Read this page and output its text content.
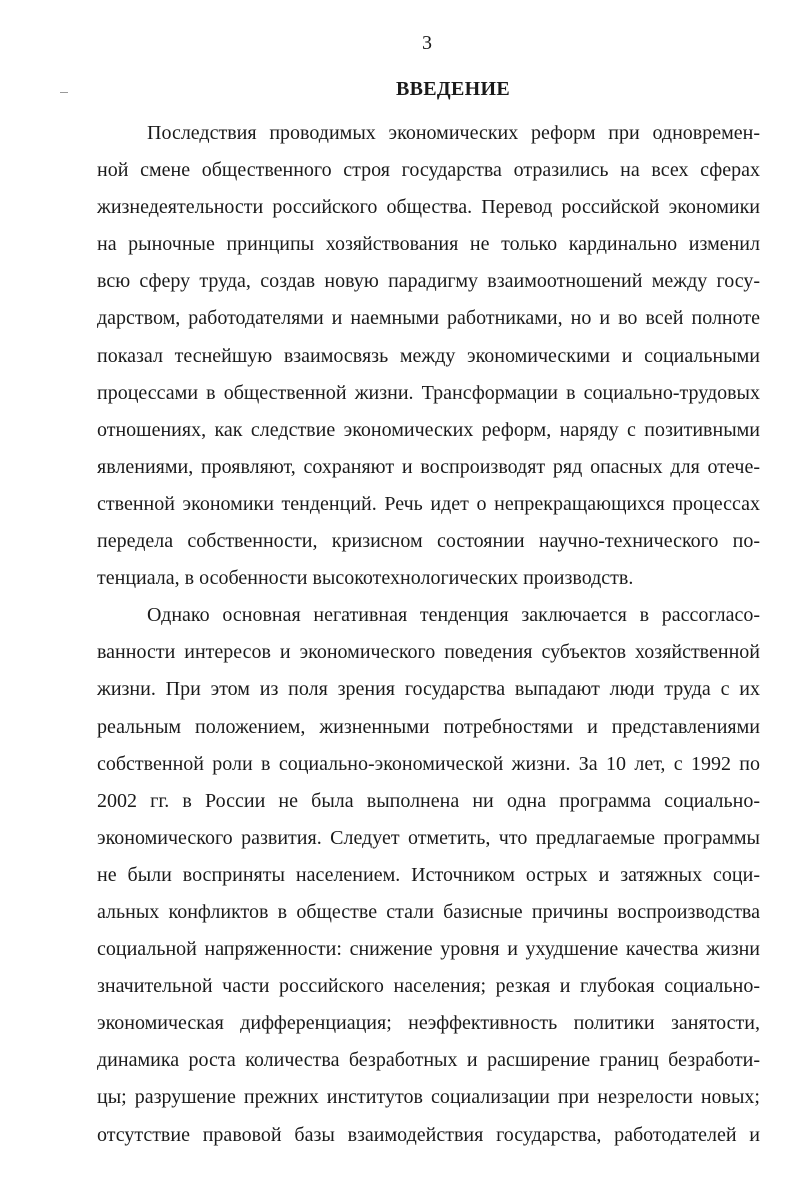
3
ВВЕДЕНИЕ
Последствия проводимых экономических реформ при одновремен-
ной смене общественного строя государства отразились на всех сферах
жизнедеятельности российского общества. Перевод российской экономики
на рыночные принципы хозяйствования не только кардинально изменил
всю сферу труда, создав новую парадигму взаимоотношений между госу-
дарством, работодателями и наемными работниками, но и во всей полноте
показал теснейшую взаимосвязь между экономическими и социальными
процессами в общественной жизни. Трансформации в социально-трудовых
отношениях, как следствие экономических реформ, наряду с позитивными
явлениями, проявляют, сохраняют и воспроизводят ряд опасных для отече-
ственной экономики тенденций. Речь идет о непрекращающихся процессах
передела собственности, кризисном состоянии научно-технического по-
тенциала, в особенности высокотехнологических производств.
Однако основная негативная тенденция заключается в рассогласо-
ванности интересов и экономического поведения субъектов хозяйственной
жизни. При этом из поля зрения государства выпадают люди труда с их
реальным положением, жизненными потребностями и представлениями
собственной роли в социально-экономической жизни. За 10 лет, с 1992 по
2002 гг. в России не была выполнена ни одна программа социально-
экономического развития. Следует отметить, что предлагаемые программы
не были восприняты населением. Источником острых и затяжных соци-
альных конфликтов в обществе стали базисные причины воспроизводства
социальной напряженности: снижение уровня и ухудшение качества жизни
значительной части российского населения; резкая и глубокая социально-
экономическая дифференциация; неэффективность политики занятости,
динамика роста количества безработных и расширение границ безработи-
цы; разрушение прежних институтов социализации при незрелости новых;
отсутствие правовой базы взаимодействия государства, работодателей и
